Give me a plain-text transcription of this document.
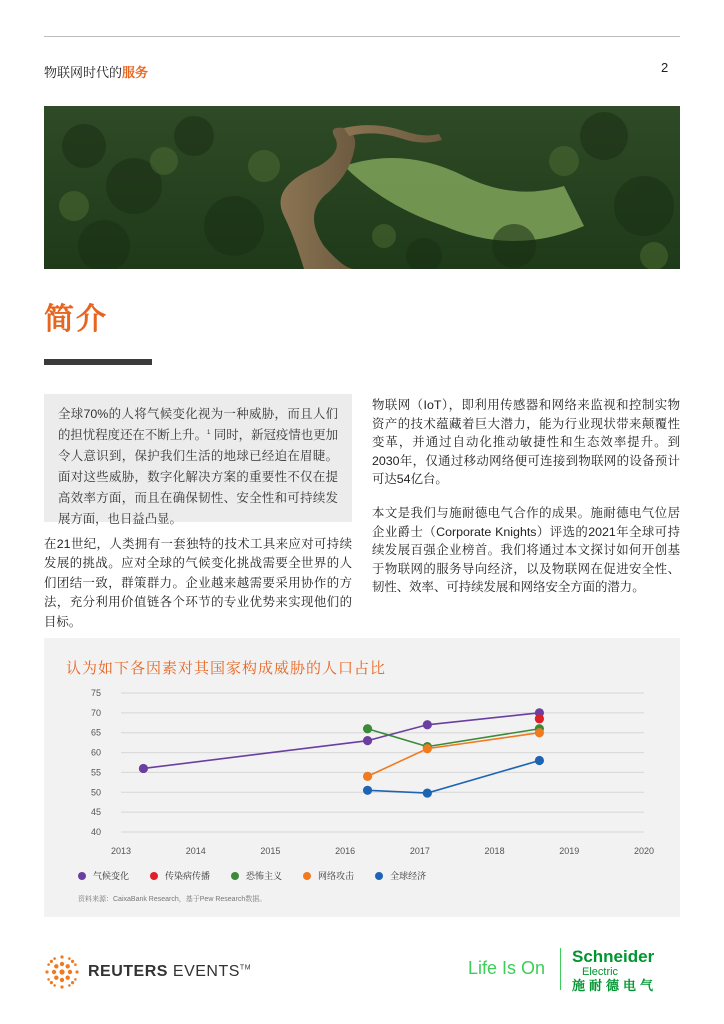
物联网时代的服务	2
简介

全球70%的人将气候变化视为一种威胁，而且人们的担忧程度还在不断上升。$^1$ 同时，新冠疫情也更加令人意识到，保护我们生活的地球已经迫在眉睫。面对这些威胁，数字化解决方案的重要性不仅在提高效率方面，而且在确保韧性、安全性和可持续发展方面，也日益凸显。

在21世纪，人类拥有一套独特的技术工具来应对可持续发展的挑战。应对全球的气候变化挑战需要全世界的人们团结一致，群策群力。企业越来越需要采用协作的方法，充分利用价值链各个环节的专业优势来实现他们的目标。

物联网（IoT），即利用传感器和网络来监视和控制实物资产的技术蕴藏着巨大潜力，能为行业现状带来颠覆性变革，并通过自动化推动敏捷性和生态效率提升。到2030年，仅通过移动网络便可连接到物联网的设备预计可达54亿台。

本文是我们与施耐德电气合作的成果。施耐德电气位居企业爵士（Corporate Knights）评选的2021年全球可持续发展百强企业榜首。我们将通过本文探讨如何开创基于物联网的服务导向经济，以及物联网在促进安全性、韧性、效率、可持续发展和网络安全方面的潜力。

认为如下各因素对其国家构成威胁的人口占比
40
45
50
55
60
65
70
75
2013	2014	2015	2016	2017	2018	2019	2020
气候变化	传染病传播	恐怖主义	网络攻击	全球经济
资料来源：CaixaBank Research，基于Pew Research数据。
REUTERS EVENTS™	Life Is On
Schneider
Electric
施耐德电气
